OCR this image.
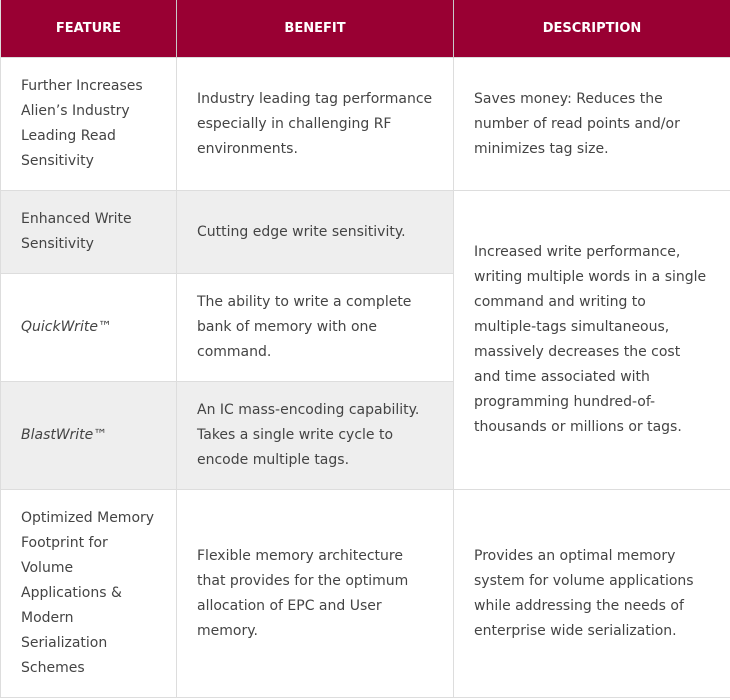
FEATURE	BENEFIT	DESCRIPTION
Further Increases Alien’s Industry Leading Read Sensitivity	Industry leading tag performance especially in challenging RF environments.	Saves money: Reduces the number of read points and/or minimizes tag size.
Enhanced Write Sensitivity	Cutting edge write sensitivity.	Increased write performance, writing multiple words in a single command and writing to multiple-tags simultaneous, massively decreases the cost and time associated with programming hundred-of-thousands or millions or tags.
QuickWrite™	The ability to write a complete bank of memory with one command.	
BlastWrite™	An IC mass-encoding capability. Takes a single write cycle to encode multiple tags.	
Optimized Memory Footprint for Volume Applications & Modern Serialization Schemes	Flexible memory architecture that provides for the optimum allocation of EPC and User memory.	Provides an optimal memory system for volume applications while addressing the needs of enterprise wide serialization.
